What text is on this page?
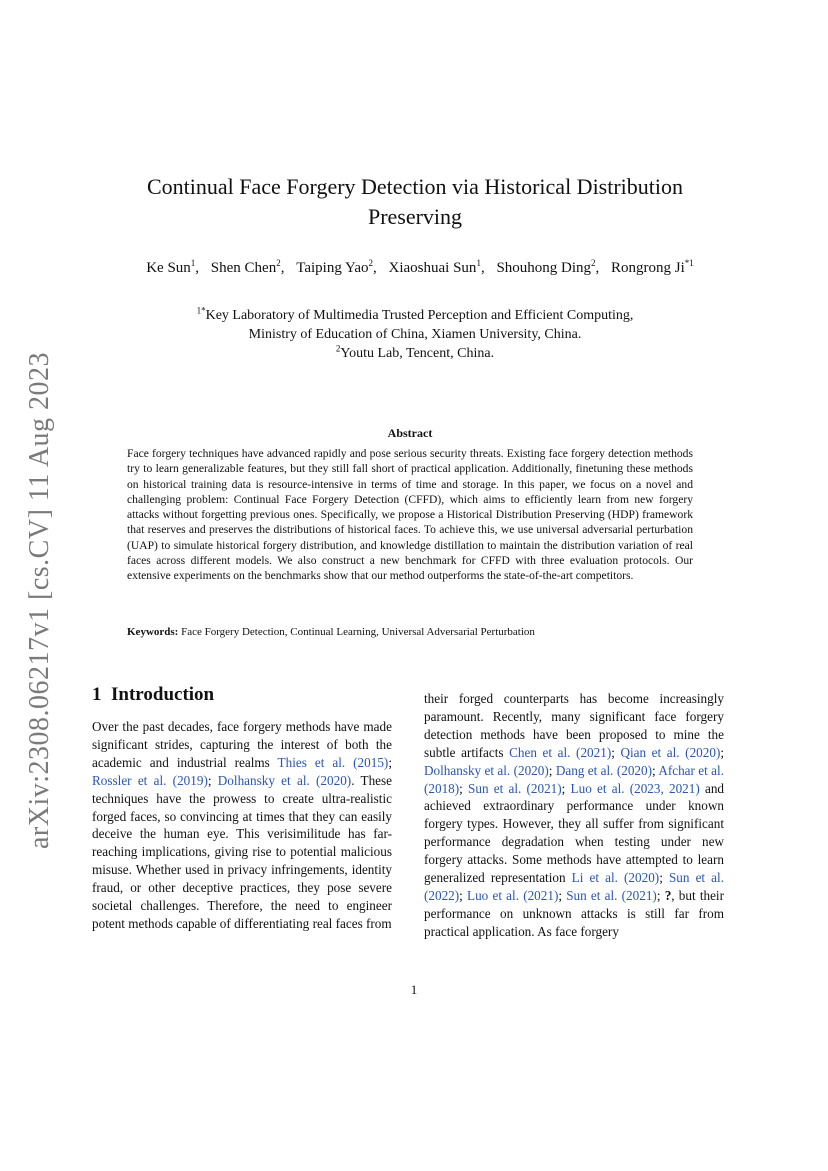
arXiv:2308.06217v1 [cs.CV] 11 Aug 2023
Continual Face Forgery Detection via Historical Distribution Preserving
Ke Sun$^1$, Shen Chen$^2$, Taiping Yao$^2$, Xiaoshuai Sun$^1$, Shouhong Ding$^2$, Rongrong Ji$^{*1}$
$^{1*}$Key Laboratory of Multimedia Trusted Perception and Efficient Computing,
Ministry of Education of China, Xiamen University, China.
$^2$Youtu Lab, Tencent, China.
Abstract
Face forgery techniques have advanced rapidly and pose serious security threats. Existing face forgery detection methods try to learn generalizable features, but they still fall short of practical application. Additionally, finetuning these methods on historical training data is resource-intensive in terms of time and storage. In this paper, we focus on a novel and challenging problem: Continual Face Forgery Detection (CFFD), which aims to efficiently learn from new forgery attacks without forgetting previous ones. Specifically, we propose a Historical Distribution Preserving (HDP) framework that reserves and preserves the distributions of historical faces. To achieve this, we use universal adversarial perturbation (UAP) to simulate historical forgery distribution, and knowledge distillation to maintain the distribution variation of real faces across different models. We also construct a new benchmark for CFFD with three evaluation protocols. Our extensive experiments on the benchmarks show that our method outperforms the state-of-the-art competitors.
Keywords: Face Forgery Detection, Continual Learning, Universal Adversarial Perturbation
1 Introduction
Over the past decades, face forgery methods have made significant strides, capturing the interest of both the academic and industrial realms Thies et al. (2015); Rossler et al. (2019); Dolhansky et al. (2020). These techniques have the prowess to create ultra-realistic forged faces, so convincing at times that they can easily deceive the human eye. This verisimilitude has far-reaching implications, giving rise to potential malicious misuse. Whether used in privacy infringements, identity fraud, or other deceptive practices, they pose severe societal challenges. Therefore, the need to engineer potent methods capable of differentiating real faces from
their forged counterparts has become increasingly paramount. Recently, many significant face forgery detection methods have been proposed to mine the subtle artifacts Chen et al. (2021); Qian et al. (2020); Dolhansky et al. (2020); Dang et al. (2020); Afchar et al. (2018); Sun et al. (2021); Luo et al. (2023, 2021) and achieved extraordinary performance under known forgery types. However, they all suffer from significant performance degradation when testing under new forgery attacks. Some methods have attempted to learn generalized representation Li et al. (2020); Sun et al. (2022); Luo et al. (2021); Sun et al. (2021); ?, but their performance on unknown attacks is still far from practical application. As face forgery
1
